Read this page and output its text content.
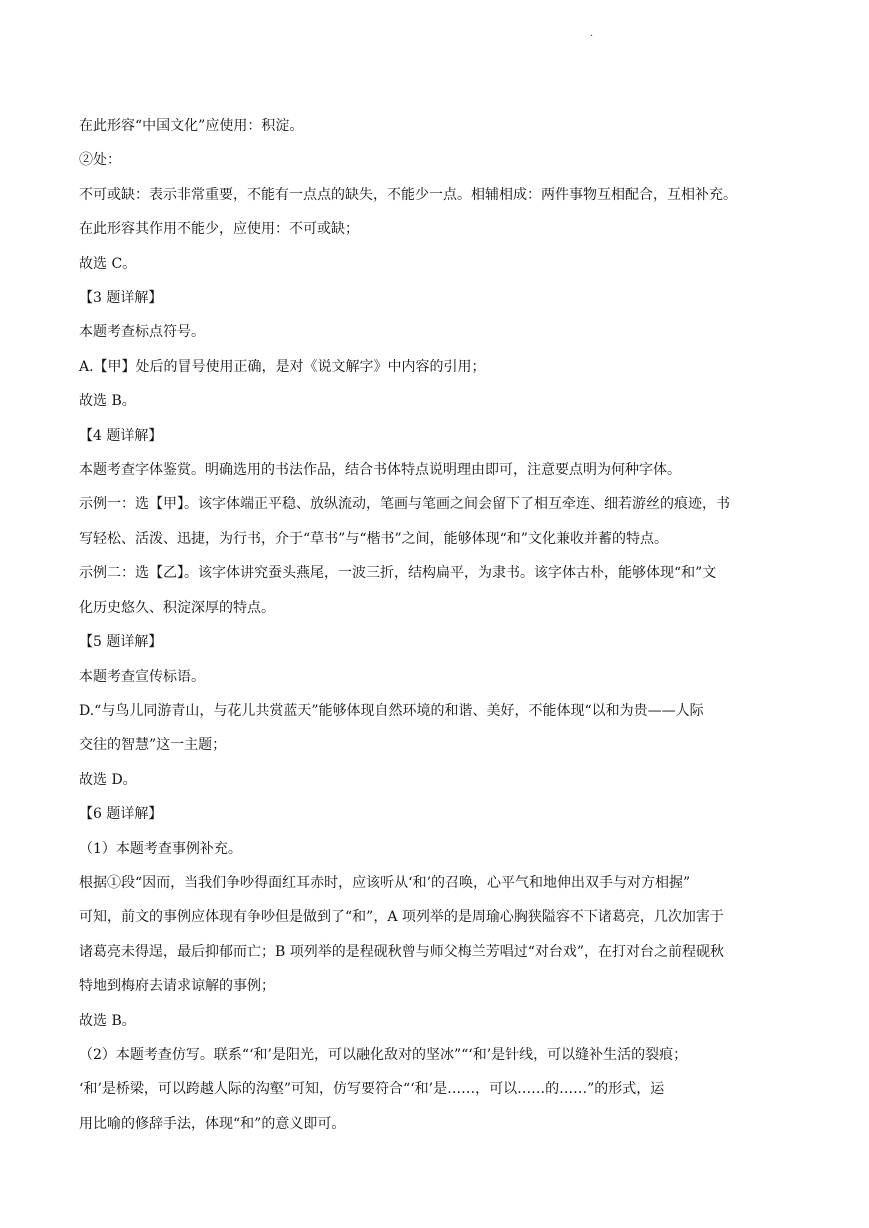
.

在此形容“中国文化”应使用：积淀。

②处：

不可或缺：表示非常重要，不能有一点点的缺失，不能少一点。相辅相成：两件事物互相配合，互相补充。

在此形容其作用不能少，应使用：不可或缺；

故选 C。

【3 题详解】

本题考查标点符号。

A.【甲】处后的冒号使用正确，是对《说文解字》中内容的引用；

故选 B。

【4 题详解】

本题考查字体鉴赏。明确选用的书法作品，结合书体特点说明理由即可，注意要点明为何种字体。

示例一：选【甲】。该字体端正平稳、放纵流动，笔画与笔画之间会留下了相互牵连、细若游丝的痕迹，书

写轻松、活泼、迅捷，为行书，介于“草书”与“楷书”之间，能够体现“和”文化兼收并蓄的特点。

示例二：选【乙】。该字体讲究蚕头燕尾，一波三折，结构扁平，为隶书。该字体古朴，能够体现“和”文

化历史悠久、积淀深厚的特点。

【5 题详解】

本题考查宣传标语。

D.“与鸟儿同游青山，与花儿共赏蓝天”能够体现自然环境的和谐、美好，不能体现“以和为贵——人际

交往的智慧”这一主题；

故选 D。

【6 题详解】

（1）本题考查事例补充。

根据①段“因而，当我们争吵得面红耳赤时，应该听从‘和’的召唤，心平气和地伸出双手与对方相握”

可知，前文的事例应体现有争吵但是做到了“和”，A 项列举的是周瑜心胸狭隘容不下诸葛亮，几次加害于

诸葛亮未得逞，最后抑郁而亡；B 项列举的是程砚秋曾与师父梅兰芳唱过“对台戏”，在打对台之前程砚秋

特地到梅府去请求谅解的事例；

故选 B。

（2）本题考查仿写。联系“‘和’是阳光，可以融化敌对的坚冰”“‘和’是针线，可以缝补生活的裂痕；

‘和’是桥梁，可以跨越人际的沟壑”可知，仿写要符合“‘和’是……，可以……的……”的形式，运

用比喻的修辞手法，体现“和”的意义即可。
